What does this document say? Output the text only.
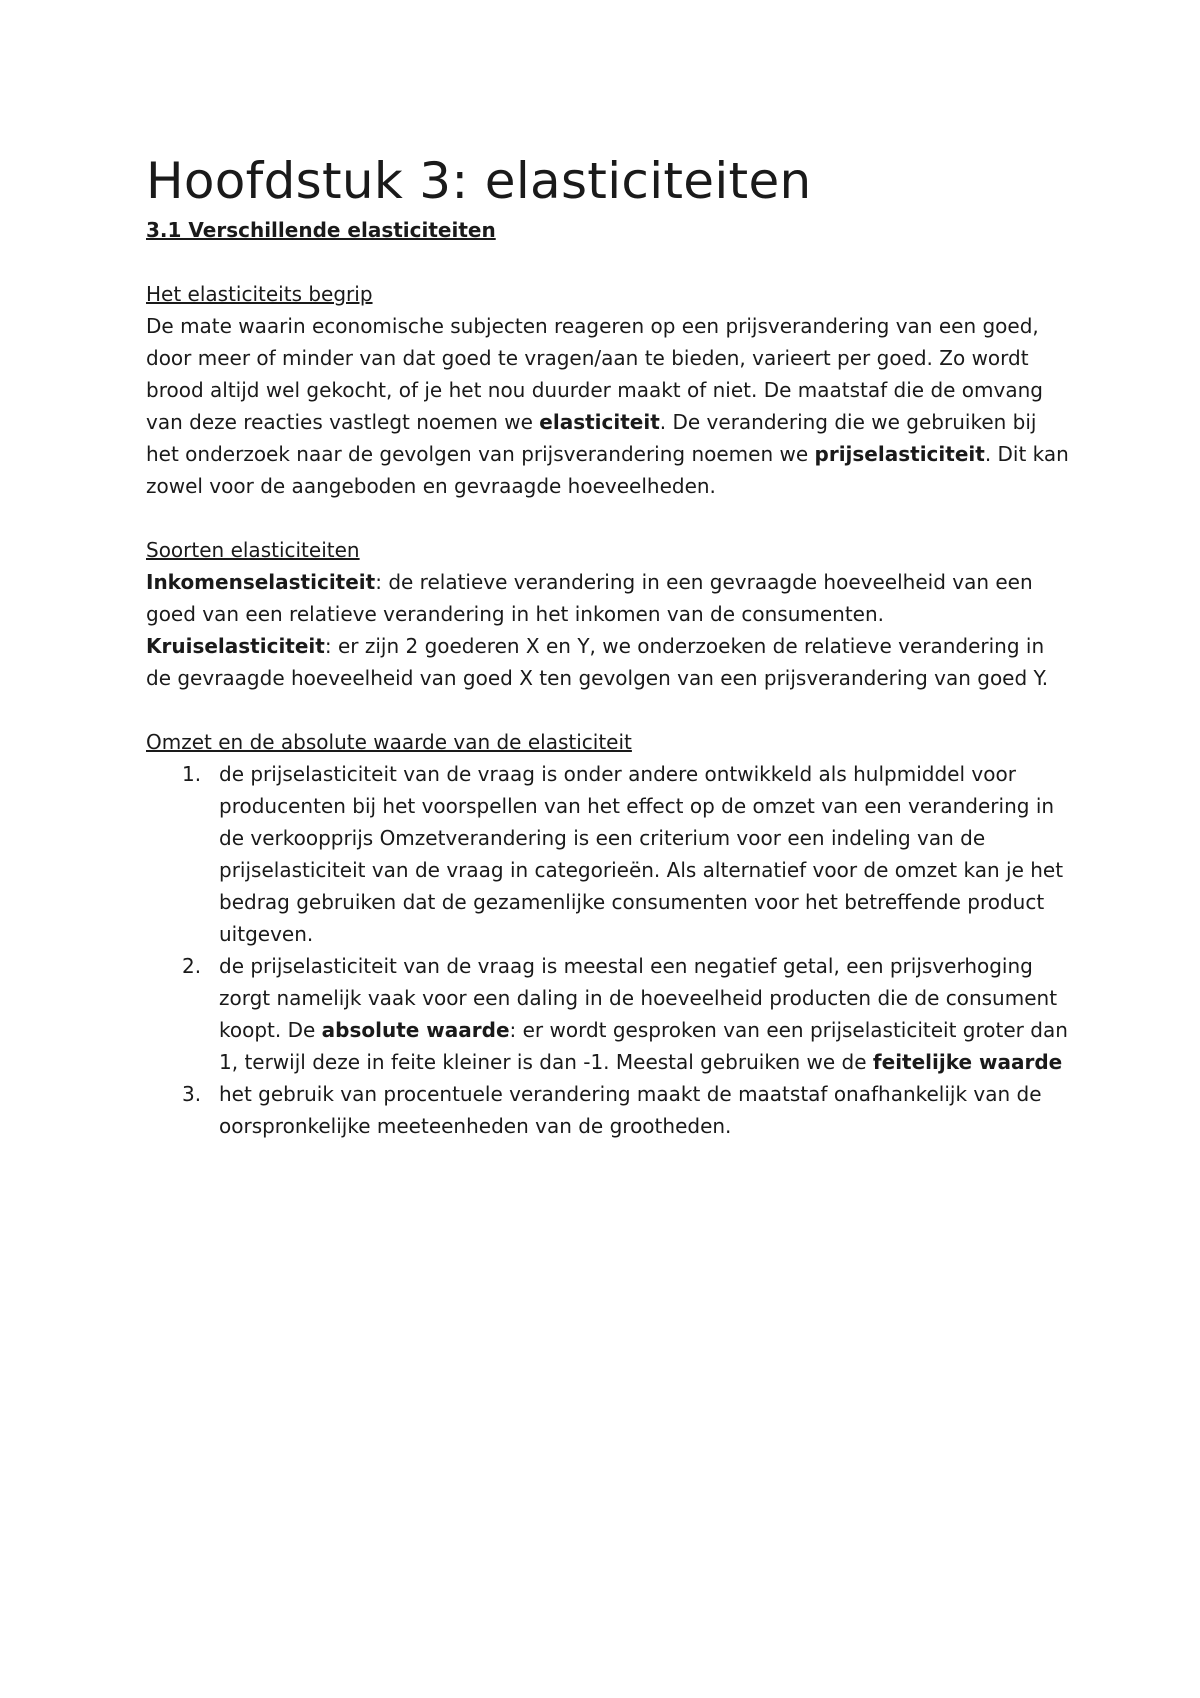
Hoofdstuk 3: elasticiteiten
3.1 Verschillende elasticiteiten
Het elasticiteits begrip

De mate waarin economische subjecten reageren op een prijsverandering van een goed, door meer of minder van dat goed te vragen/aan te bieden, varieert per goed. Zo wordt brood altijd wel gekocht, of je het nou duurder maakt of niet. De maatstaf die de omvang van deze reacties vastlegt noemen we elasticiteit. De verandering die we gebruiken bij het onderzoek naar de gevolgen van prijsverandering noemen we prijselasticiteit. Dit kan zowel voor de aangeboden en gevraagde hoeveelheden.

Soorten elasticiteiten

Inkomenselasticiteit: de relatieve verandering in een gevraagde hoeveelheid van een goed van een relatieve verandering in het inkomen van de consumenten.

Kruiselasticiteit: er zijn 2 goederen X en Y, we onderzoeken de relatieve verandering in de gevraagde hoeveelheid van goed X ten gevolgen van een prijsverandering van goed Y.

Omzet en de absolute waarde van de elasticiteit
1. de prijselasticiteit van de vraag is onder andere ontwikkeld als hulpmiddel voor producenten bij het voorspellen van het effect op de omzet van een verandering in de verkoopprijs Omzetverandering is een criterium voor een indeling van de prijselasticiteit van de vraag in categorieën. Als alternatief voor de omzet kan je het bedrag gebruiken dat de gezamenlijke consumenten voor het betreffende product uitgeven.
2. de prijselasticiteit van de vraag is meestal een negatief getal, een prijsverhoging zorgt namelijk vaak voor een daling in de hoeveelheid producten die de consument koopt. De absolute waarde: er wordt gesproken van een prijselasticiteit groter dan 1, terwijl deze in feite kleiner is dan -1. Meestal gebruiken we de feitelijke waarde
3. het gebruik van procentuele verandering maakt de maatstaf onafhankelijk van de oorspronkelijke meeteenheden van de grootheden.
